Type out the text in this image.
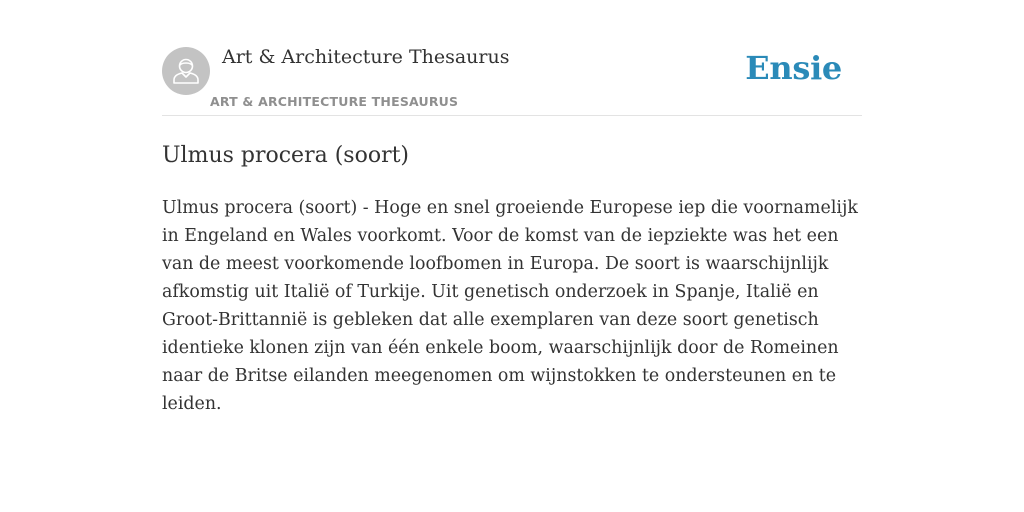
Art & Architecture Thesaurus
ART & ARCHITECTURE THESAURUS
Ensie
Ulmus procera (soort)

Ulmus procera (soort) - Hoge en snel groeiende Europese iep die voornamelijk in Engeland en Wales voorkomt. Voor de komst van de iepziekte was het een van de meest voorkomende loofbomen in Europa. De soort is waarschijnlijk afkomstig uit Italië of Turkije. Uit genetisch onderzoek in Spanje, Italië en Groot-Brittannië is gebleken dat alle exemplaren van deze soort genetisch identieke klonen zijn van één enkele boom, waarschijnlijk door de Romeinen naar de Britse eilanden meegenomen om wijnstokken te ondersteunen en te leiden.
